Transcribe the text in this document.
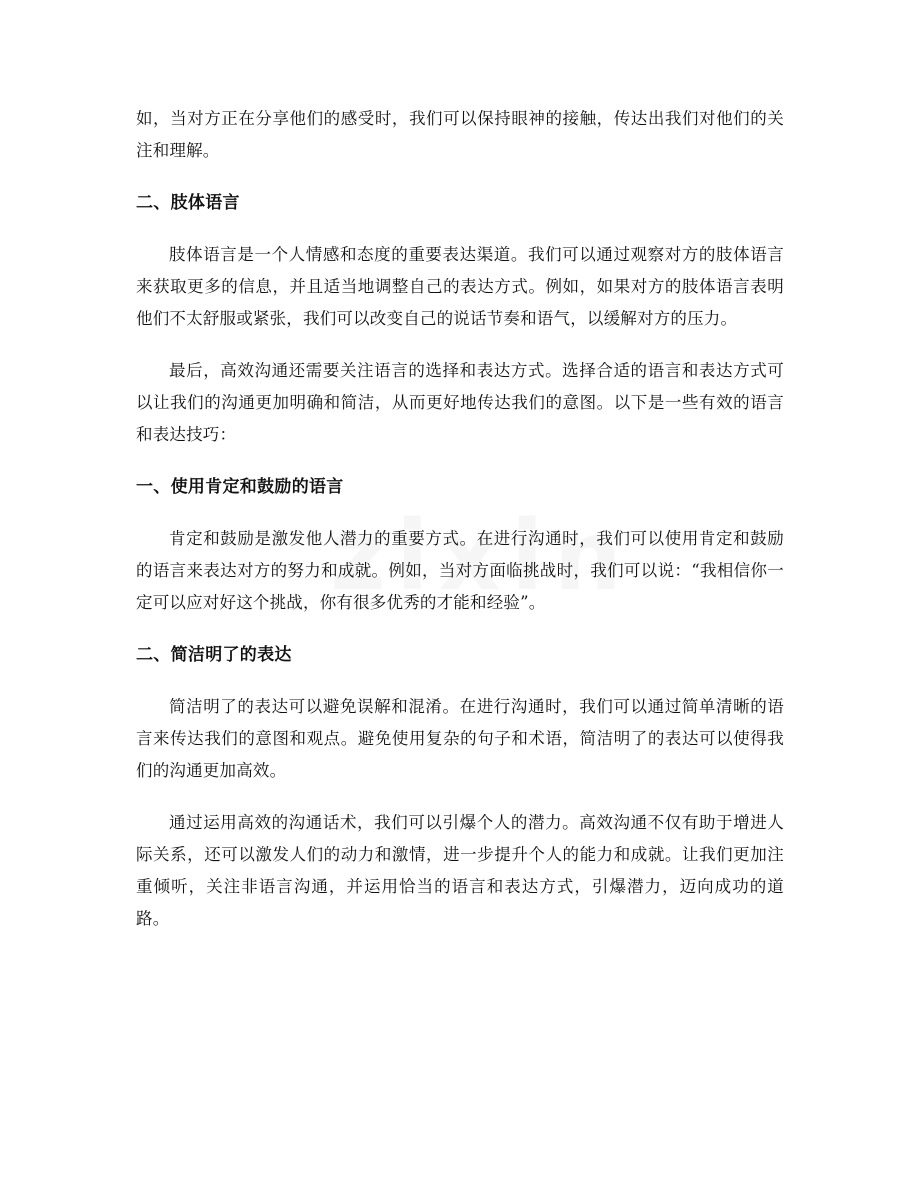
如，当对方正在分享他们的感受时，我们可以保持眼神的接触，传达出我们对他们的关注和理解。

二、肢体语言

肢体语言是一个人情感和态度的重要表达渠道。我们可以通过观察对方的肢体语言来获取更多的信息，并且适当地调整自己的表达方式。例如，如果对方的肢体语言表明他们不太舒服或紧张，我们可以改变自己的说话节奏和语气，以缓解对方的压力。

最后，高效沟通还需要关注语言的选择和表达方式。选择合适的语言和表达方式可以让我们的沟通更加明确和简洁，从而更好地传达我们的意图。以下是一些有效的语言和表达技巧：

一、使用肯定和鼓励的语言

肯定和鼓励是激发他人潜力的重要方式。在进行沟通时，我们可以使用肯定和鼓励的语言来表达对方的努力和成就。例如，当对方面临挑战时，我们可以说：“我相信你一定可以应对好这个挑战，你有很多优秀的才能和经验”。

二、简洁明了的表达

简洁明了的表达可以避免误解和混淆。在进行沟通时，我们可以通过简单清晰的语言来传达我们的意图和观点。避免使用复杂的句子和术语，简洁明了的表达可以使得我们的沟通更加高效。

通过运用高效的沟通话术，我们可以引爆个人的潜力。高效沟通不仅有助于增进人际关系，还可以激发人们的动力和激情，进一步提升个人的能力和成就。让我们更加注重倾听，关注非语言沟通，并运用恰当的语言和表达方式，引爆潜力，迈向成功的道路。
